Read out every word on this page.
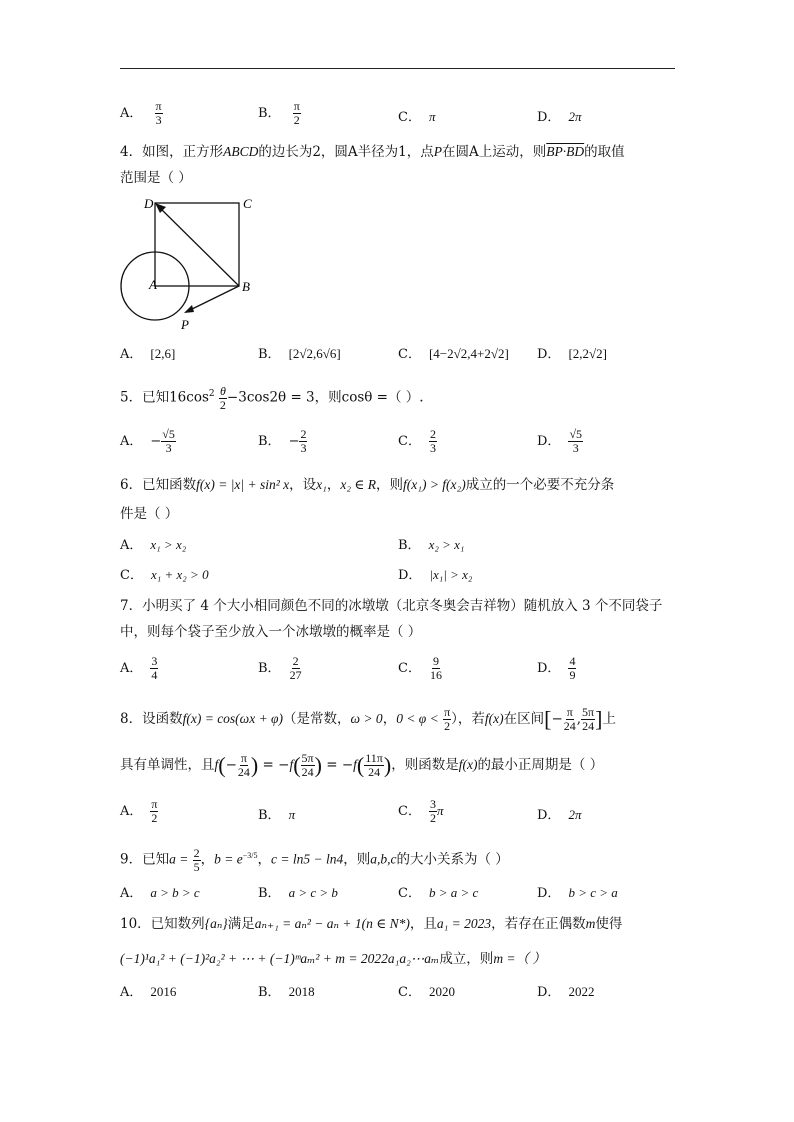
A． $\frac{\pi}{3}$	B． $\frac{\pi}{2}$	C． π	D． 2π
4．如图，正方形ABCD的边长为2，圆A半径为1，点P在圆A上运动，则BP·BD的取值
范围是（ ）
D	C
A	B
P
A． [2,6]	B． [2√2,6√6]	C． [4−2√2,4+2√2] D． [2,2√2]
5．已知$16\cos^2 \frac{\theta}{2} -3\cos 2\theta = 3$，则cosθ =（ ）.
A． − $\frac{√5}{3}$	B． − $\frac{2}{3}$	C． $\frac{2}{3}$	D． $\frac{√5}{3}$
6．已知函数f(x) = |x| + sin² x，设x₁，x₂ ∈ R，则f(x₁) > f(x₂)成立的一个必要不充分条
件是（ ）
A． x₁ > x₂	B． x₂ > x₁
C． x₁ + x₂ > 0	D． |x₁| > x₂
7．小明买了 4 个大小相同颜色不同的冰墩墩（北京冬奥会吉祥物）随机放入 3 个不同袋子
中，则每个袋子至少放入一个冰墩墩的概率是（ ）
A． $\frac{3}{4}$	B． $\frac{2}{27}$	C． $\frac{9}{16}$	D． $\frac{4}{9}$
8．设函数f(x) = cos(ωx + φ)（是常数，ω > 0，$0 < \varphi < \frac{\pi}{2}$ ），若f(x)在区间[− $\frac{\pi}{24}$ , $\frac{5\pi}{24}$ ]上
具有单调性，且$f(- \frac{\pi}{24}$ ) = $-f( \frac{5\pi}{24}$ ) = $-f( \frac{11\pi}{24}$ )，则函数是f(x)的最小正周期是（ ）
A． $\frac{\pi}{2}$	B． π	C． $\frac{3}{2}$ π	D． 2π
9．已知$a = \frac{2}{5}$ ，$b = e^{-3/5}$，c = ln5 − ln4，则a,b,c的大小关系为（ ）
A． a > b > c	B． a > c > b	C． b > a > c	D． b > c > a
10．已知数列{aₙ}满足aₙ₊₁ = aₙ² − aₙ + 1(n ∈ N*)，且a₁ = 2023，若存在正偶数m使得
(−1)¹a₁² + (−1)²a₂² + ⋯ + (−1)ᵐaₘ² + m = 2022a₁a₂⋯aₘ成立，则m =（ ）
A． 2016	B． 2018	C． 2020	D． 2022
